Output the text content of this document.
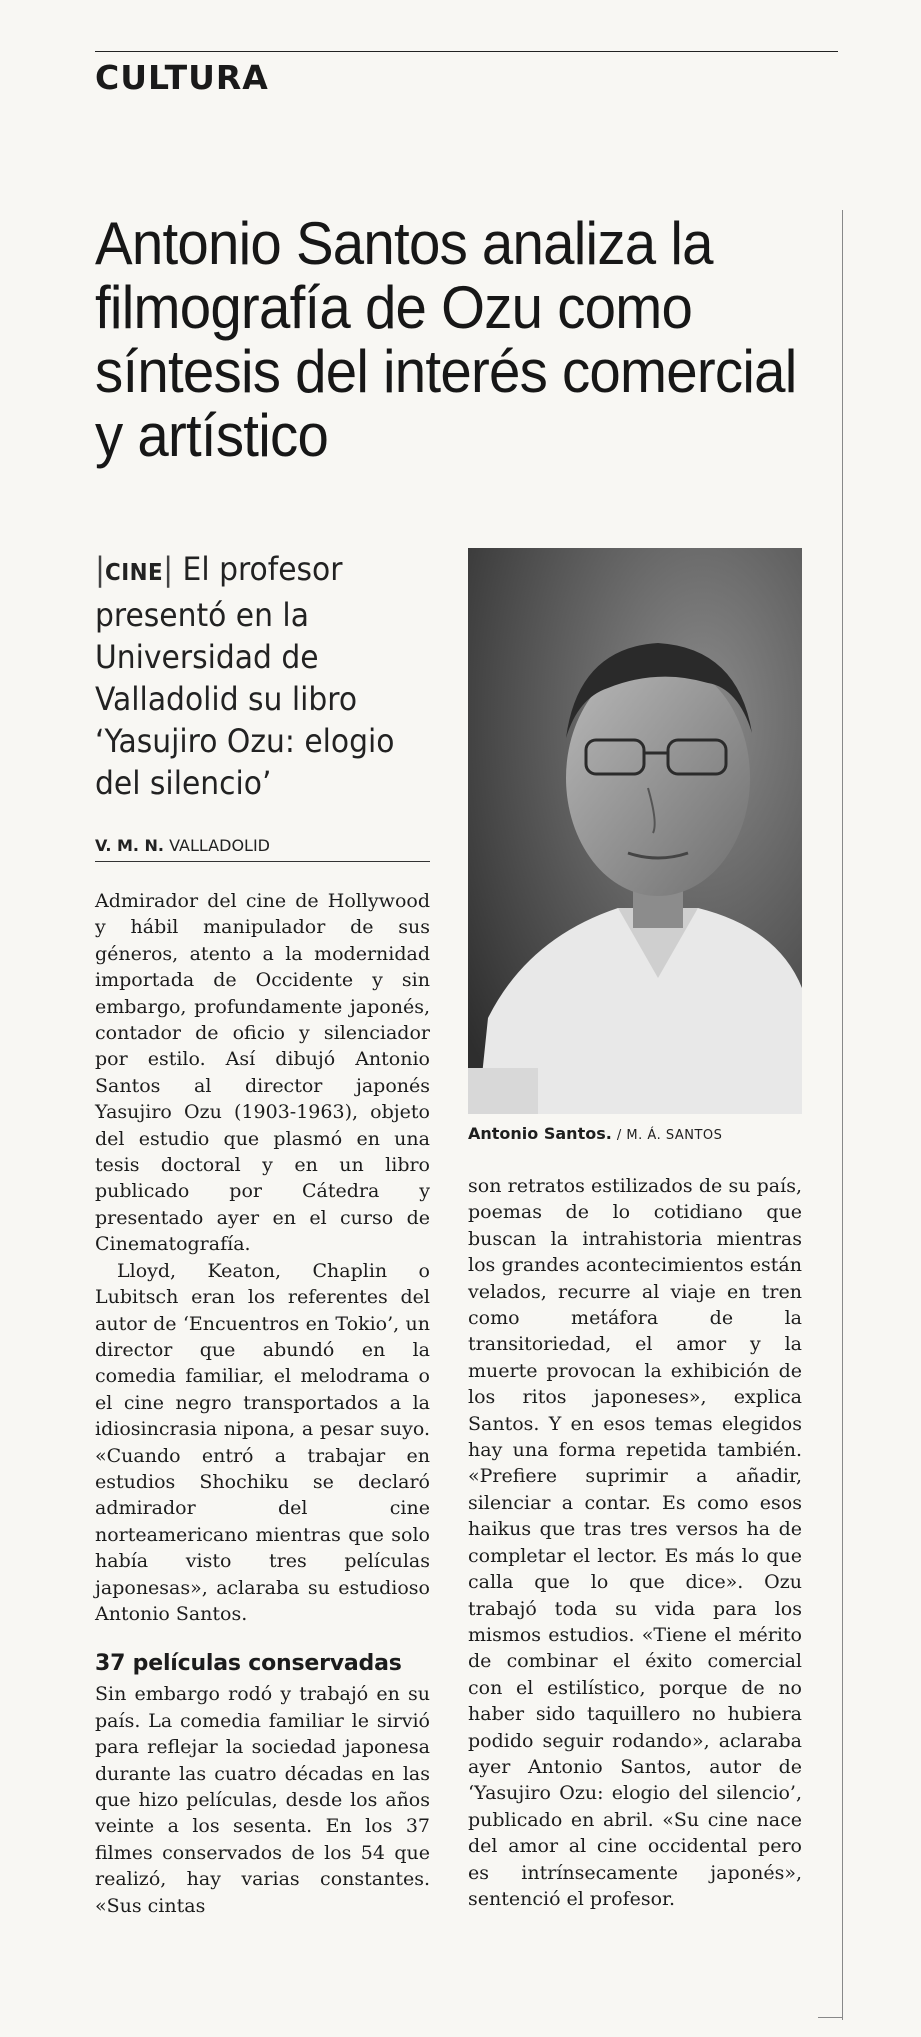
CULTURA
Antonio Santos analiza la filmografía de Ozu como síntesis del interés comercial y artístico
|CINE| El profesor presentó en la Universidad de Valladolid su libro ‘Yasujiro Ozu: elogio del silencio’
V. M. N. VALLADOLID
Antonio Santos. / M. Á. SANTOS

Admirador del cine de Hollywood y hábil manipulador de sus géneros, atento a la modernidad importada de Occidente y sin embargo, profundamente japonés, contador de oficio y silenciador por estilo. Así dibujó Antonio Santos al director japonés Yasujiro Ozu (1903-1963), objeto del estudio que plasmó en una tesis doctoral y en un libro publicado por Cátedra y presentado ayer en el curso de Cinematografía.

Lloyd, Keaton, Chaplin o Lubitsch eran los referentes del autor de ‘Encuentros en Tokio’, un director que abundó en la comedia familiar, el melodrama o el cine negro transportados a la idiosincrasia nipona, a pesar suyo. «Cuando entró a trabajar en estudios Shochiku se declaró admirador del cine norteamericano mientras que solo había visto tres películas japonesas», aclaraba su estudioso Antonio Santos.

37 películas conservadas

Sin embargo rodó y trabajó en su país. La comedia familiar le sirvió para reflejar la sociedad japonesa durante las cuatro décadas en las que hizo películas, desde los años veinte a los sesenta. En los 37 filmes conservados de los 54 que realizó, hay varias constantes. «Sus cintas

son retratos estilizados de su país, poemas de lo cotidiano que buscan la intrahistoria mientras los grandes acontecimientos están velados, recurre al viaje en tren como metáfora de la transitoriedad, el amor y la muerte provocan la exhibición de los ritos japoneses», explica Santos. Y en esos temas elegidos hay una forma repetida también. «Prefiere suprimir a añadir, silenciar a contar. Es como esos haikus que tras tres versos ha de completar el lector. Es más lo que calla que lo que dice». Ozu trabajó toda su vida para los mismos estudios. «Tiene el mérito de combinar el éxito comercial con el estilístico, porque de no haber sido taquillero no hubiera podido seguir rodando», aclaraba ayer Antonio Santos, autor de ‘Yasujiro Ozu: elogio del silencio’, publicado en abril. «Su cine nace del amor al cine occidental pero es intrínsecamente japonés», sentenció el profesor.
